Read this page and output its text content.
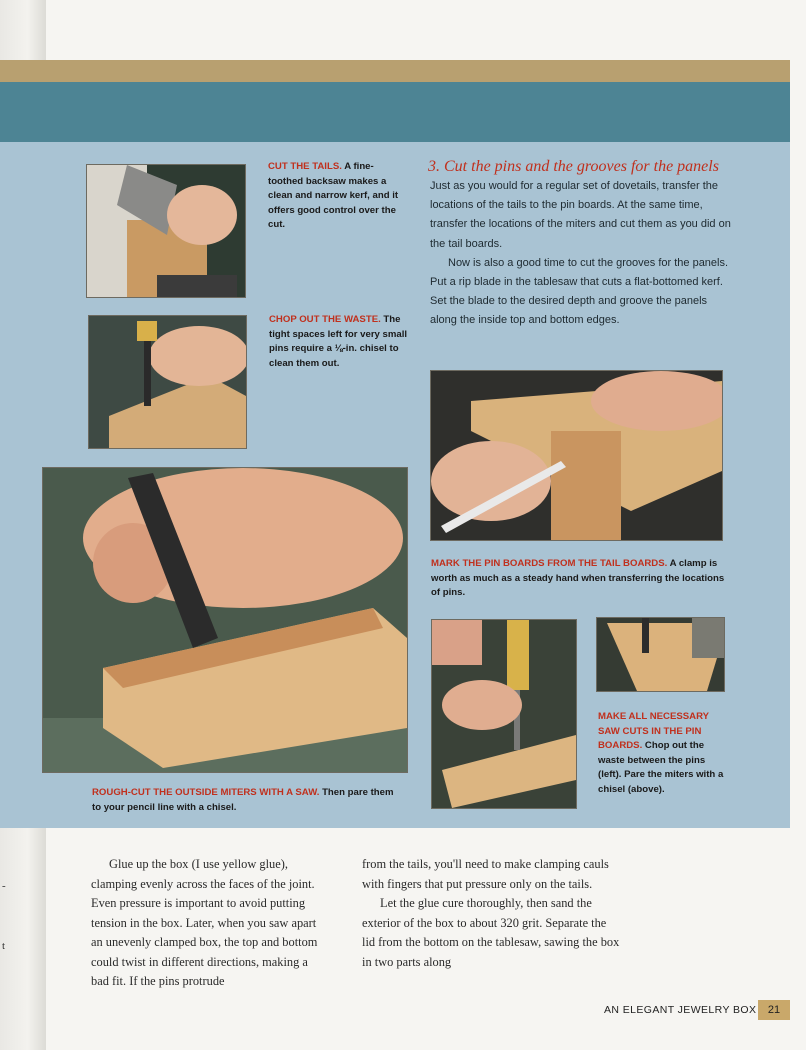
-
t
CUT THE TAILS. A fine-toothed backsaw makes a clean and narrow kerf, and it offers good control over the cut.
CHOP OUT THE WASTE. The tight spaces left for very small pins require a ⅛-in. chisel to clean them out.
ROUGH-CUT THE OUTSIDE MITERS WITH A SAW. Then pare them to your pencil line with a chisel.
3. Cut the pins and the grooves for the panels

Just as you would for a regular set of dovetails, transfer the locations of the tails to the pin boards. At the same time, transfer the locations of the miters and cut them as you did on the tail boards.

Now is also a good time to cut the grooves for the panels. Put a rip blade in the tablesaw that cuts a flat-bottomed kerf. Set the blade to the desired depth and groove the panels along the inside top and bottom edges.

MARK THE PIN BOARDS FROM THE TAIL BOARDS. A clamp is worth as much as a steady hand when transferring the locations of pins.
MAKE ALL NECESSARY SAW CUTS IN THE PIN BOARDS. Chop out the waste between the pins (left). Pare the miters with a chisel (above).

Glue up the box (I use yellow glue), clamping evenly across the faces of the joint. Even pressure is important to avoid putting tension in the box. Later, when you saw apart an unevenly clamped box, the top and bottom could twist in different directions, making a bad fit. If the pins protrude

from the tails, you'll need to make clamping cauls with fingers that put pressure only on the tails.

Let the glue cure thoroughly, then sand the exterior of the box to about 320 grit. Separate the lid from the bottom on the tablesaw, sawing the box in two parts along

AN ELEGANT JEWELRY BOX	21
